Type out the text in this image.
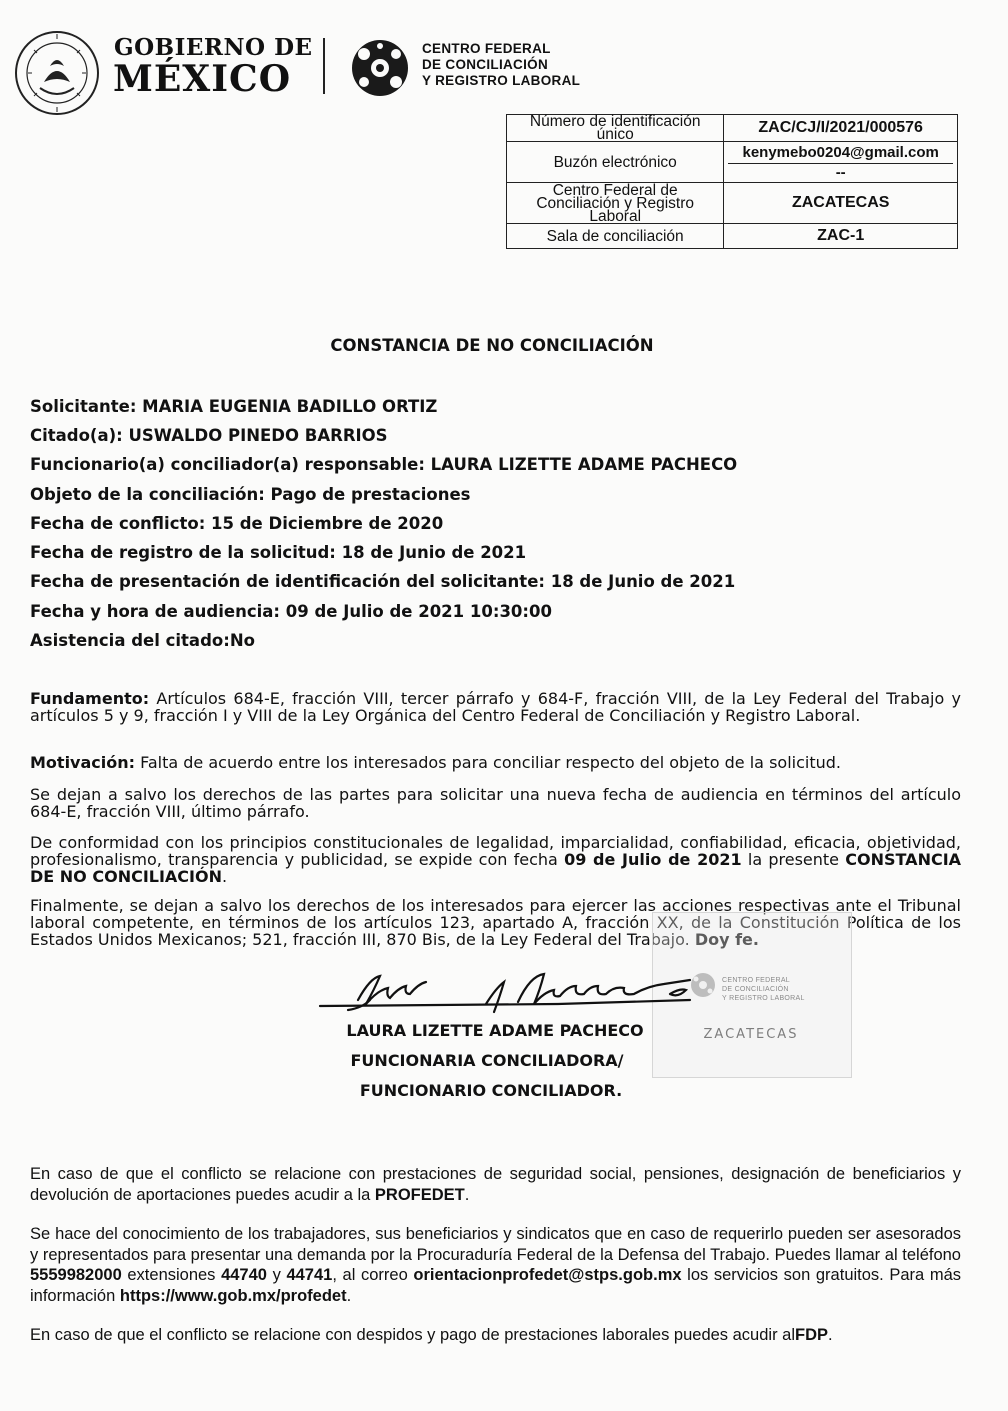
GOBIERNO DE
MÉXICO
CENTRO FEDERAL
DE CONCILIACIÓN
Y REGISTRO LABORAL
Número de identificación único	ZAC/CJ/I/2021/000576
Buzón electrónico	kenymebo0204@gmail.com
--

Centro Federal de Conciliación y Registro Laboral	ZACATECAS
Sala de conciliación	ZAC-1
CONSTANCIA DE NO CONCILIACIÓN
Solicitante: MARIA EUGENIA BADILLO ORTIZ
Citado(a): USWALDO PINEDO BARRIOS
Funcionario(a) conciliador(a) responsable: LAURA LIZETTE ADAME PACHECO
Objeto de la conciliación: Pago de prestaciones
Fecha de conflicto: 15 de Diciembre de 2020
Fecha de registro de la solicitud: 18 de Junio de 2021
Fecha de presentación de identificación del solicitante: 18 de Junio de 2021
Fecha y hora de audiencia: 09 de Julio de 2021 10:30:00
Asistencia del citado:No
Fundamento: Artículos 684-E, fracción VIII, tercer párrafo y 684-F, fracción VIII, de la Ley Federal del Trabajo y artículos 5 y 9, fracción I y VIII de la Ley Orgánica del Centro Federal de Conciliación y Registro Laboral.
Motivación: Falta de acuerdo entre los interesados para conciliar respecto del objeto de la solicitud.
Se dejan a salvo los derechos de las partes para solicitar una nueva fecha de audiencia en términos del artículo 684-E, fracción VIII, último párrafo.
De conformidad con los principios constitucionales de legalidad, imparcialidad, confiabilidad, eficacia, objetividad, profesionalismo, transparencia y publicidad, se expide con fecha 09 de Julio de 2021 la presente CONSTANCIA DE NO CONCILIACIÓN.
Finalmente, se dejan a salvo los derechos de los interesados para ejercer las acciones respectivas ante el Tribunal laboral competente, en términos de los artículos 123, apartado A, fracción XX, de la Constitución Política de los Estados Unidos Mexicanos; 521, fracción III, 870 Bis, de la Ley Federal del Trabajo. Doy fe.
CENTRO FEDERAL
DE CONCILIACIÓN
Y REGISTRO LABORAL
ZACATECAS
LAURA LIZETTE ADAME PACHECO
FUNCIONARIA CONCILIADORA/
FUNCIONARIO CONCILIADOR.
En caso de que el conflicto se relacione con prestaciones de seguridad social, pensiones, designación de beneficiarios y devolución de aportaciones puedes acudir a la PROFEDET.
Se hace del conocimiento de los trabajadores, sus beneficiarios y sindicatos que en caso de requerirlo pueden ser asesorados y representados para presentar una demanda por la Procuraduría Federal de la Defensa del Trabajo. Puedes llamar al teléfono 5559982000 extensiones 44740 y 44741, al correo orientacionprofedet@stps.gob.mx los servicios son gratuitos. Para más información https://www.gob.mx/profedet.
En caso de que el conflicto se relacione con despidos y pago de prestaciones laborales puedes acudir alFDP.
